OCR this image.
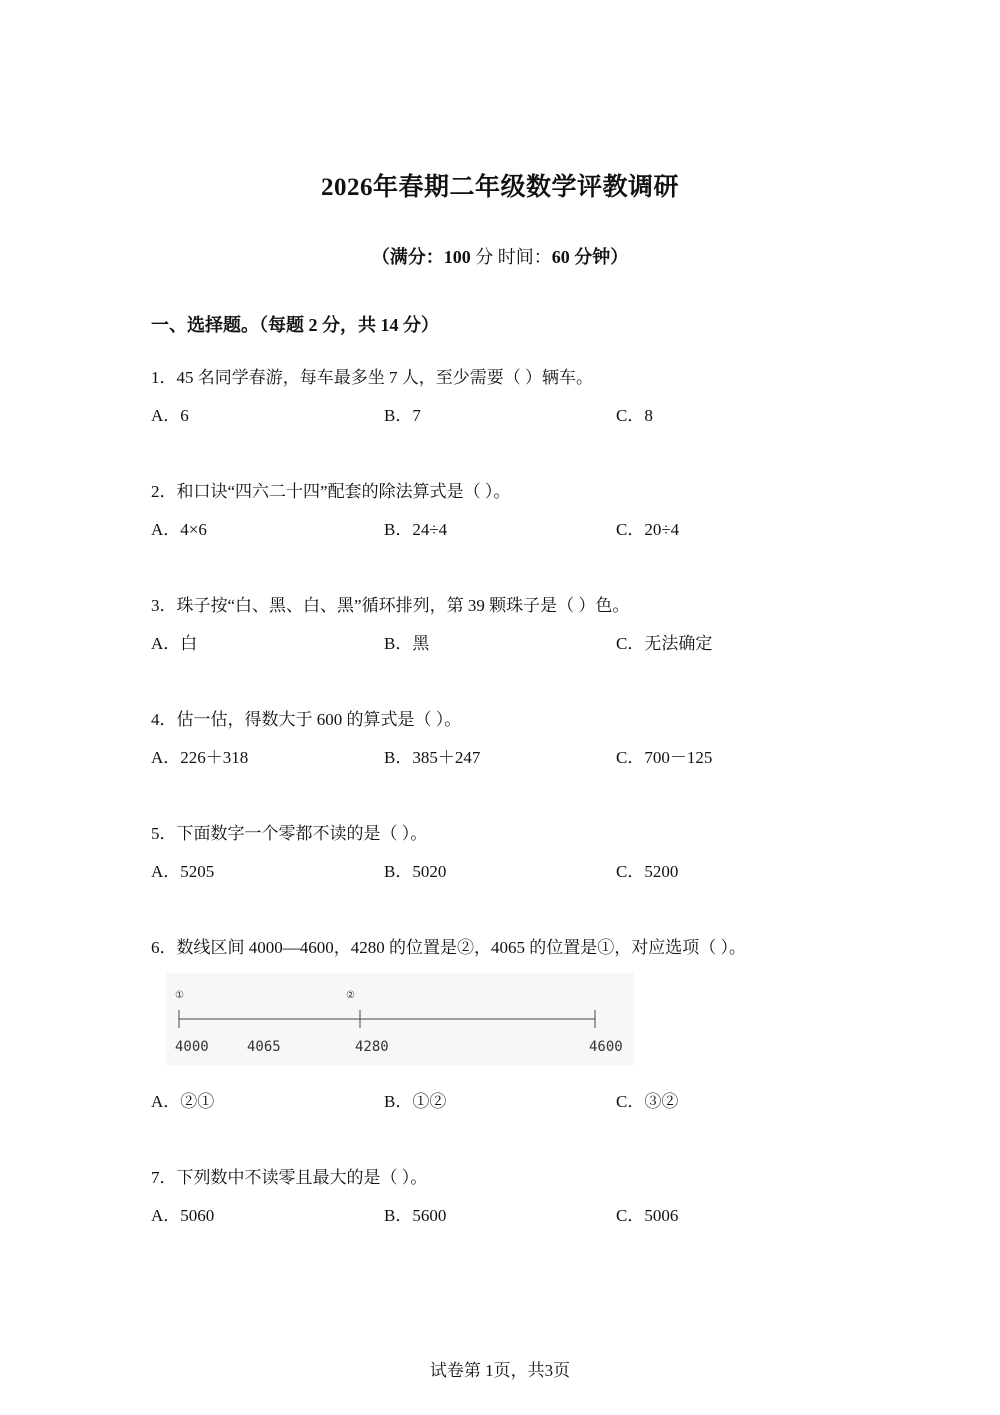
2026年春期二年级数学评教调研
（满分：100 分 时间：60 分钟）
一、选择题。（每题 2 分，共 14 分）
1．45 名同学春游，每车最多坐 7 人，至少需要（ ）辆车。
A．6	B．7	C．8
2．和口诀“四六二十四”配套的除法算式是（ ）。
A．4×6	B．24÷4	C．20÷4
3．珠子按“白、黑、白、黑”循环排列，第 39 颗珠子是（ ）色。
A．白	B．黑	C．无法确定
4．估一估，得数大于 600 的算式是（ ）。
A．226＋318	B．385＋247	C．700－125
5．下面数字一个零都不读的是（ ）。
A．5205	B．5020	C．5200
6．数线区间 4000—4600，4280 的位置是②，4065 的位置是①，对应选项（ ）。
①	②
4000	4065	4280	4600
A．②①	B．①②	C．③②
7．下列数中不读零且最大的是（ ）。
A．5060	B．5600	C．5006
试卷第 1页，共3页
